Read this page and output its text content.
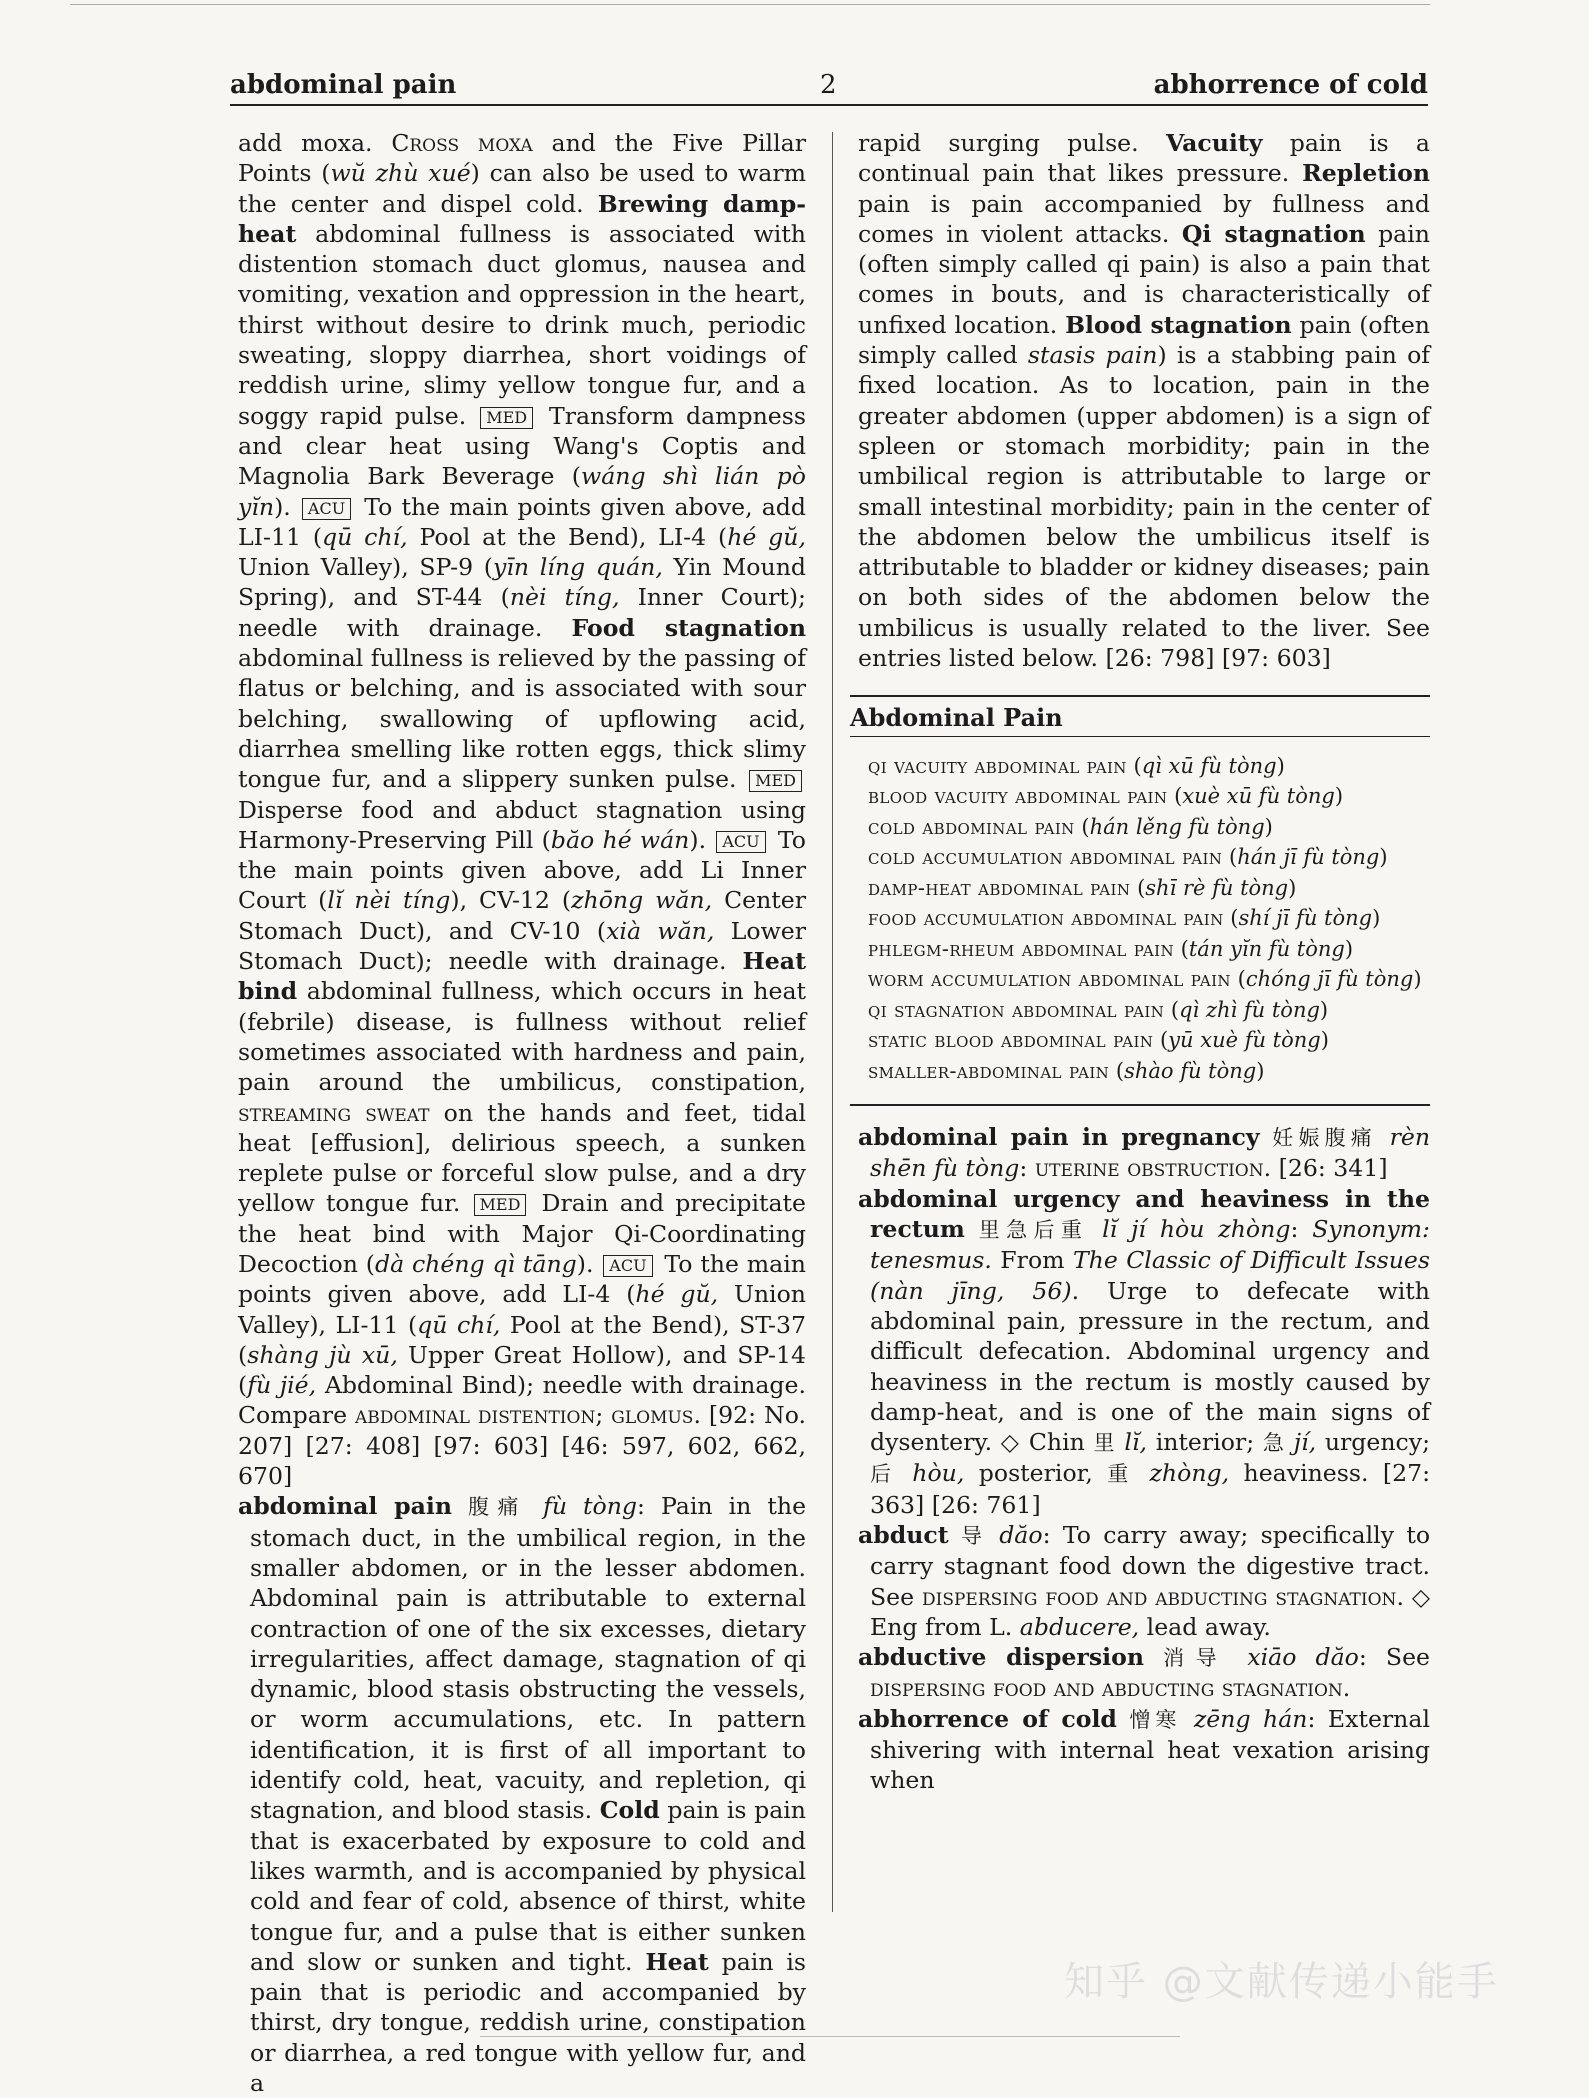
abdominal pain	2	abhorrence of cold

add moxa. Cross moxa and the Five Pillar Points (wŭ zhù xué) can also be used to warm the center and dispel cold. Brewing damp-heat abdominal fullness is associated with distention stomach duct glomus, nausea and vomiting, vexation and oppression in the heart, thirst without desire to drink much, periodic sweating, sloppy diarrhea, short voidings of reddish urine, slimy yellow tongue fur, and a soggy rapid pulse. MED Transform dampness and clear heat using Wang's Coptis and Magnolia Bark Beverage (wáng shì lián pò yĭn). ACU To the main points given above, add LI-11 (qū chí, Pool at the Bend), LI-4 (hé gŭ, Union Valley), SP-9 (yīn líng quán, Yin Mound Spring), and ST-44 (nèi tíng, Inner Court); needle with drainage. Food stagnation abdominal fullness is relieved by the passing of flatus or belching, and is associated with sour belching, swallowing of upflowing acid, diarrhea smelling like rotten eggs, thick slimy tongue fur, and a slippery sunken pulse. MED Disperse food and abduct stagnation using Harmony-Preserving Pill (băo hé wán). ACU To the main points given above, add Li Inner Court (lĭ nèi tíng), CV-12 (zhōng wăn, Center Stomach Duct), and CV-10 (xià wăn, Lower Stomach Duct); needle with drainage. Heat bind abdominal fullness, which occurs in heat (febrile) disease, is fullness without relief sometimes associated with hardness and pain, pain around the umbilicus, constipation, streaming sweat on the hands and feet, tidal heat [effusion], delirious speech, a sunken replete pulse or forceful slow pulse, and a dry yellow tongue fur. MED Drain and precipitate the heat bind with Major Qi-Coordinating Decoction (dà chéng qì tāng). ACU To the main points given above, add LI-4 (hé gŭ, Union Valley), LI-11 (qū chí, Pool at the Bend), ST-37 (shàng jù xū, Upper Great Hollow), and SP-14 (fù jié, Abdominal Bind); needle with drainage. Compare abdominal distention; glomus. [92: No. 207] [27: 408] [97: 603] [46: 597, 602, 662, 670]

abdominal pain 腹痛 fù tòng: Pain in the stomach duct, in the umbilical region, in the smaller abdomen, or in the lesser abdomen. Abdominal pain is attributable to external contraction of one of the six excesses, dietary irregularities, affect damage, stagnation of qi dynamic, blood stasis obstructing the vessels, or worm accumulations, etc. In pattern identification, it is first of all important to identify cold, heat, vacuity, and repletion, qi stagnation, and blood stasis. Cold pain is pain that is exacerbated by exposure to cold and likes warmth, and is accompanied by physical cold and fear of cold, absence of thirst, white tongue fur, and a pulse that is either sunken and slow or sunken and tight. Heat pain is pain that is periodic and accompanied by thirst, dry tongue, reddish urine, constipation or diarrhea, a red tongue with yellow fur, and a

rapid surging pulse. Vacuity pain is a continual pain that likes pressure. Repletion pain is pain accompanied by fullness and comes in violent attacks. Qi stagnation pain (often simply called qi pain) is also a pain that comes in bouts, and is characteristically of unfixed location. Blood stagnation pain (often simply called stasis pain) is a stabbing pain of fixed location. As to location, pain in the greater abdomen (upper abdomen) is a sign of spleen or stomach morbidity; pain in the umbilical region is attributable to large or small intestinal morbidity; pain in the center of the abdomen below the umbilicus itself is attributable to bladder or kidney diseases; pain on both sides of the abdomen below the umbilicus is usually related to the liver. See entries listed below. [26: 798] [97: 603]

Abdominal Pain
qi vacuity abdominal pain (qì xū fù tòng)
blood vacuity abdominal pain (xuè xū fù tòng)
cold abdominal pain (hán lěng fù tòng)
cold accumulation abdominal pain (hán jī fù tòng)
damp-heat abdominal pain (shī rè fù tòng)
food accumulation abdominal pain (shí jī fù tòng)
phlegm-rheum abdominal pain (tán yĭn fù tòng)
worm accumulation abdominal pain (chóng jī fù tòng)
qi stagnation abdominal pain (qì zhì fù tòng)
static blood abdominal pain (yū xuè fù tòng)
smaller-abdominal pain (shào fù tòng)

abdominal pain in pregnancy 妊娠腹痛 rèn shēn fù tòng: uterine obstruction. [26: 341]

abdominal urgency and heaviness in the rectum 里急后重 lĭ jí hòu zhòng: Synonym: tenesmus. From The Classic of Difficult Issues (nàn jīng, 56). Urge to defecate with abdominal pain, pressure in the rectum, and difficult defecation. Abdominal urgency and heaviness in the rectum is mostly caused by damp-heat, and is one of the main signs of dysentery. ◇ Chin 里 lĭ, interior; 急 jí, urgency; 后 hòu, posterior, 重 zhòng, heaviness. [27: 363] [26: 761]

abduct 导 dăo: To carry away; specifically to carry stagnant food down the digestive tract. See dispersing food and abducting stagnation. ◇ Eng from L. abducere, lead away.

abductive dispersion 消导 xiāo dăo: See dispersing food and abducting stagnation.

abhorrence of cold 憎寒 zēng hán: External shivering with internal heat vexation arising when

知乎 @文献传递小能手
